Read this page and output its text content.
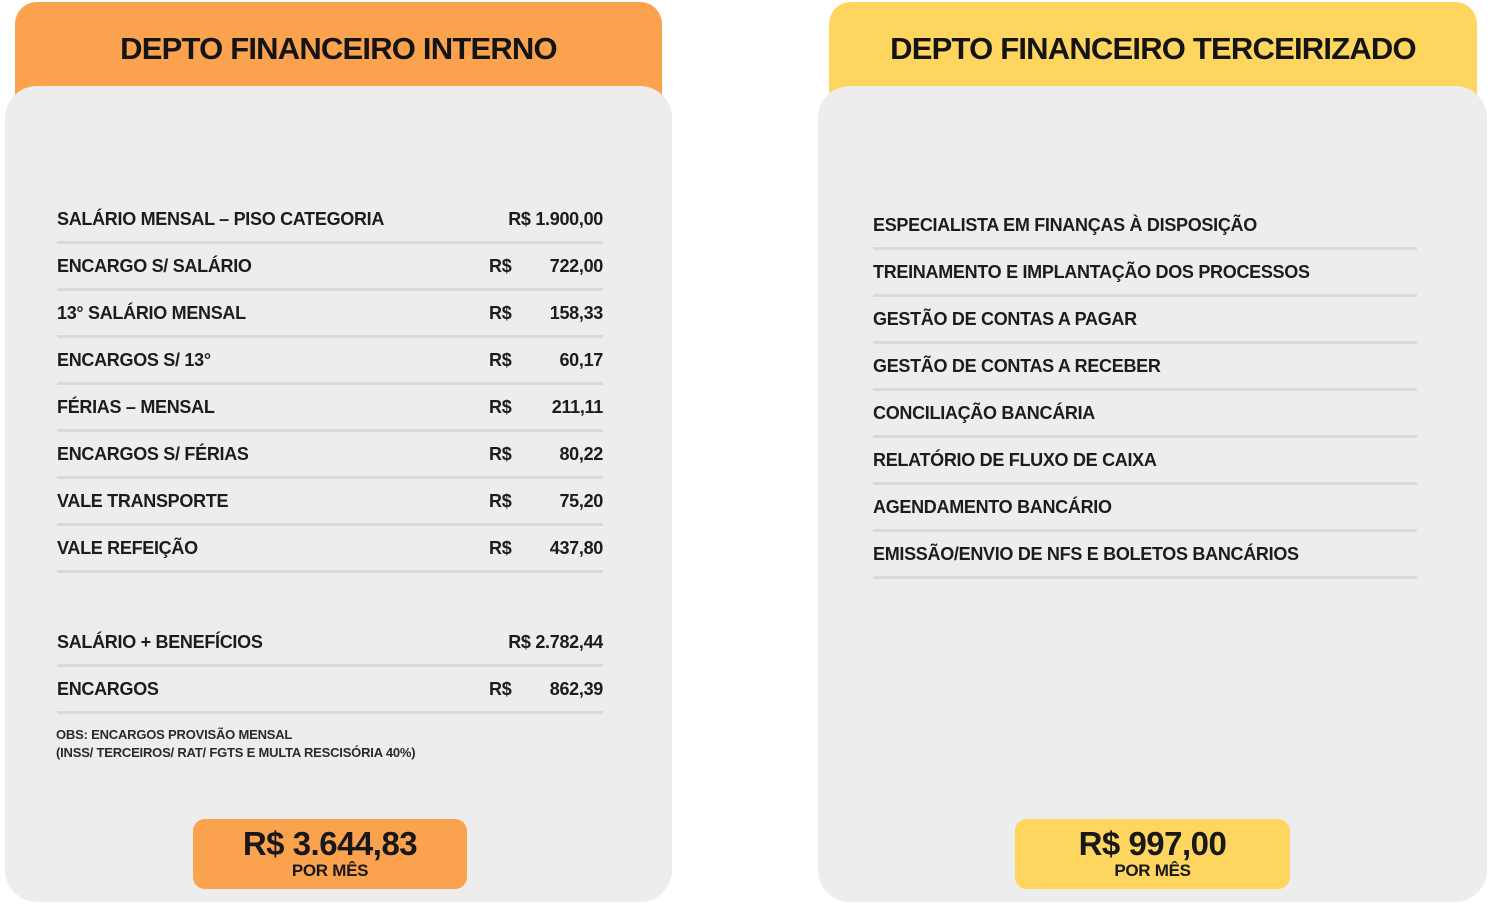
DEPTO FINANCEIRO INTERNO
SALÁRIO MENSAL – PISO CATEGORIA	R$ 1.900,00
ENCARGO S/ SALÁRIO	R$	722,00
13° SALÁRIO MENSAL	R$	158,33
ENCARGOS S/ 13°	R$	60,17
FÉRIAS – MENSAL	R$	211,11
ENCARGOS S/ FÉRIAS	R$	80,22
VALE TRANSPORTE	R$	75,20
VALE REFEIÇÃO	R$	437,80
SALÁRIO + BENEFÍCIOS	R$ 2.782,44
ENCARGOS	R$	862,39
OBS: ENCARGOS PROVISÃO MENSAL
(INSS/ TERCEIROS/ RAT/ FGTS E MULTA RESCISÓRIA 40%)
R$ 3.644,83
POR MÊS
DEPTO FINANCEIRO TERCEIRIZADO
ESPECIALISTA EM FINANÇAS À DISPOSIÇÃO
TREINAMENTO E IMPLANTAÇÃO DOS PROCESSOS
GESTÃO DE CONTAS A PAGAR
GESTÃO DE CONTAS A RECEBER
CONCILIAÇÃO BANCÁRIA
RELATÓRIO DE FLUXO DE CAIXA
AGENDAMENTO BANCÁRIO
EMISSÃO/ENVIO DE NFS E BOLETOS BANCÁRIOS
R$ 997,00
POR MÊS
